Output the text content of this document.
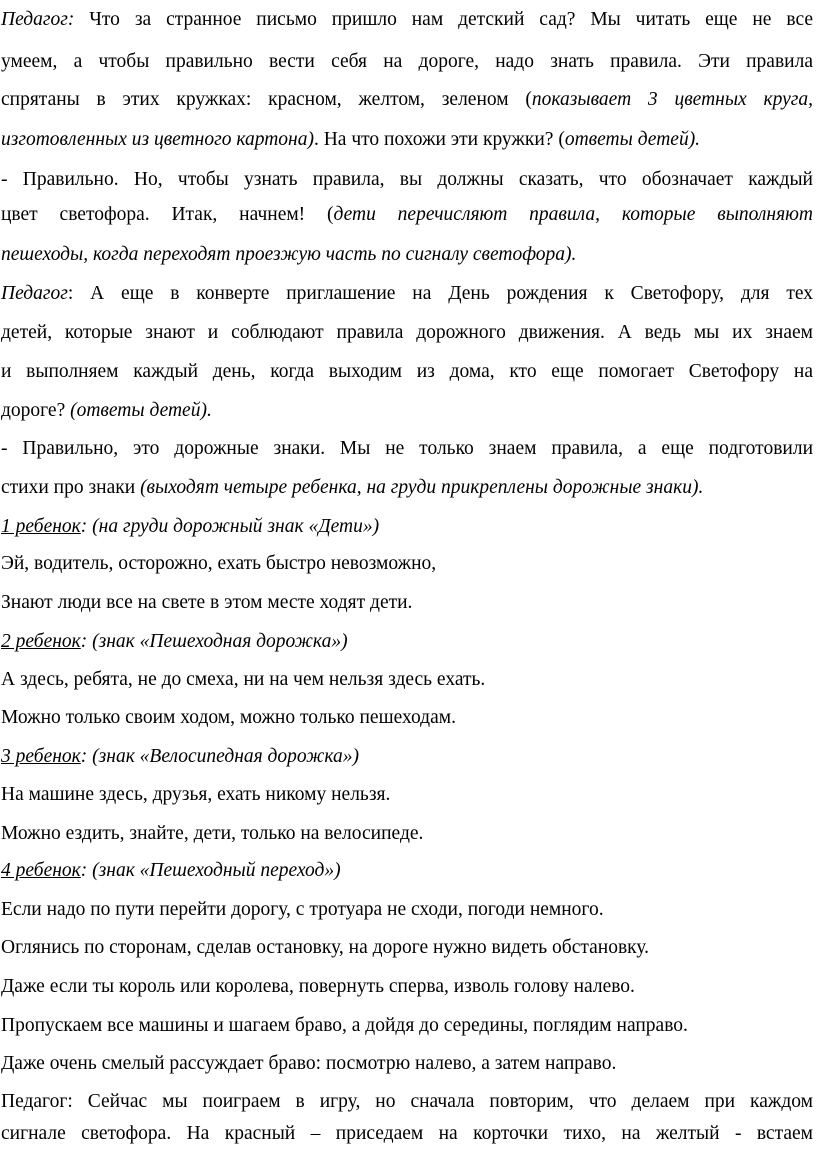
Педагог: Что за странное письмо пришло нам детский сад? Мы читать еще не все
умеем, а чтобы правильно вести себя на дороге, надо знать правила. Эти правила
спрятаны в этих кружках: красном, желтом, зеленом (показывает 3 цветных круга,
изготовленных из цветного картона). На что похожи эти кружки? (ответы детей).
- Правильно. Но, чтобы узнать правила, вы должны сказать, что обозначает каждый
цвет светофора. Итак, начнем! (дети перечисляют правила, которые выполняют
пешеходы, когда переходят проезжую часть по сигналу светофора).
Педагог: А еще в конверте приглашение на День рождения к Светофору, для тех
детей, которые знают и соблюдают правила дорожного движения. А ведь мы их знаем
и выполняем каждый день, когда выходим из дома, кто еще помогает Светофору на
дороге? (ответы детей).
- Правильно, это дорожные знаки. Мы не только знаем правила, а еще подготовили
стихи про знаки (выходят четыре ребенка, на груди прикреплены дорожные знаки).
1 ребенок: (на груди дорожный знак «Дети»)
Эй, водитель, осторожно, ехать быстро невозможно,
Знают люди все на свете в этом месте ходят дети.
2 ребенок: (знак «Пешеходная дорожка»)
А здесь, ребята, не до смеха, ни на чем нельзя здесь ехать.
Можно только своим ходом, можно только пешеходам.
3 ребенок: (знак «Велосипедная дорожка»)
На машине здесь, друзья, ехать никому нельзя.
Можно ездить, знайте, дети, только на велосипеде.
4 ребенок: (знак «Пешеходный переход»)
Если надо по пути перейти дорогу, с тротуара не сходи, погоди немного.
Оглянись по сторонам, сделав остановку, на дороге нужно видеть обстановку.
Даже если ты король или королева, повернуть сперва, изволь голову налево.
Пропускаем все машины и шагаем браво, а дойдя до середины, поглядим направо.
Даже очень смелый рассуждает браво: посмотрю налево, а затем направо.
Педагог: Сейчас мы поиграем в игру, но сначала повторим, что делаем при каждом
сигнале светофора. На красный – приседаем на корточки тихо, на желтый - встаем
